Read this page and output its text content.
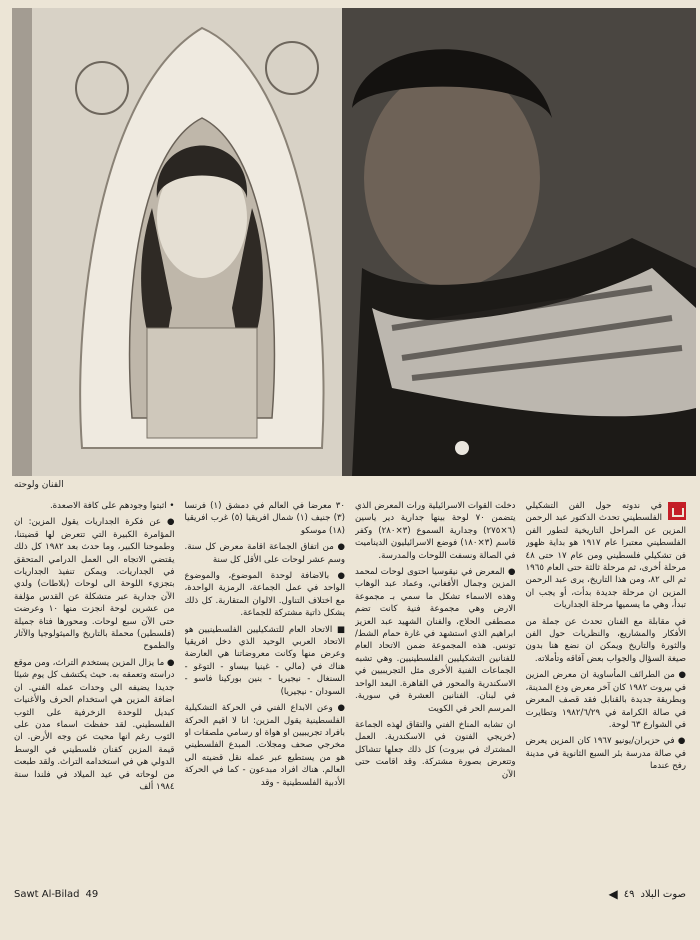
الفنان ولوحته

في ندوته حول الفن التشكيلي الفلسطيني تحدث الدكتور عبد الرحمن المزين عن المراحل التاريخية لتطور الفن الفلسطيني معتبرا عام ١٩١٧ هو بداية ظهور فن تشكيلي فلسطيني ومن عام ١٧ حتى ٤٨ مرحلة أخرى، ثم مرحلة ثالثة حتى العام ١٩٦٥ ثم الى ٨٢، ومن هذا التاريخ، يرى عبد الرحمن المزين ان مرحلة جديدة بدأت، أو يجب ان تبدأ، وهي ما يسميها مرحلة الجداريات

في مقابلة مع الفنان تحدث عن جملة من الأفكار والمشاريع، والنظريات حول الفن والثورة والتاريخ ويمكن ان نضع هنا بدون صيغة السؤال والجواب بعض آفاقه وتأملاته.

● من الطرائف المأساوية ان معرض المزين في بيروت ١٩٨٢ كان آخر معرض ودع المدينة، وبطريقة جديدة بالقنابل فقد قصف المعرض في صالة الكرامة في ١٩٨٢/٦/٢٩ وتطايرت في الشوارع ٦٣ لوحة.

● في حزيران/يونيو ١٩٦٧ كان المزين يعرض في صالة مدرسة بئر السبع الثانوية في مدينة رفح عندما

دخلت القوات الاسرائيلية ورات المعرض الذي يتضمن ٧٠ لوحة بينها جدارية دير ياسين (٦×٢٧٥) وجدارية السموع (٣×٢٨٠) وكفر قاسم (٣×١٨٠) فوضع الاسرائيليون الديناميت في الصالة ونسفت اللوحات والمدرسة.

● المعرض في نيقوسيا احتوى لوحات لمحمد المزين وجمال الأفغاني، وعماد عبد الوهاب وهذه الاسماء تشكل ما سمي بـ مجموعة الارض وهي مجموعة فنية كانت تضم مصطفى الحلاج، والفنان الشهيد عبد العزيز ابراهيم الذي استشهد في غارة حمام الشط/تونس. هذه المجموعة ضمن الاتحاد العام للفنانين التشكيليين الفلسطينيين. وهي تشبه الجماعات الفنية الأخرى مثل التجريبيين في الاسكندرية والمحور في القاهرة. البعد الواحد في لبنان. الفنانين العشرة في سورية. المرسم الحر في الكويت

ان تشابه المناخ الفني والتقاق لهذه الجماعة (خريجي الفنون في الاسكندرية. العمل المشترك في بيروت) كل ذلك جعلها تتشاكل وتتعرض بصورة مشتركة. وقد اقامت حتى الآن

٣٠ معرضا في العالم في دمشق (١) فرنسا (٣) جنيف (١) شمال افريقيا (٥) غرب افريقيا (١٨) موسكو

● من اتفاق الجماعة اقامة معرض كل سنة. وسم عشر لوحات على الأقل كل سنة

● بالاضافة لوحدة الموضوع، والموضوع الواحد في عمل الجماعة، الرمزية الواحدة، مع اختلاف التناول. الالوان المتقاربة. كل ذلك يشكل ذاتية مشتركة للجماعة.

■ الاتحاد العام للتشكيليين الفلسطينيين هو الاتحاد العربي الوحيد الذي دخل افريقيا وعرض منها وكانت معروضاتنا هي العارضة هناك في (مالي - غينيا بيساو - التوغو - السنغال - نيجيريا - بنين بوركينا فاسو - السودان - نيجيريا)

● وعن الابداع الفني في الحركة التشكيلية الفلسطينية يقول المزين: انا لا اقيم الحركة بافراد تجريبيين او هواة او رسامي ملصقات او مخرجي صحف ومجلات. المبدع الفلسطيني هو من يستطيع عبر عمله نقل قضيته الى العالم. هناك افراد مبدعون - كما في الحركة الأدبية الفلسطينية - وقد

• اثبتوا وجودهم على كافة الاصعدة.

● عن فكرة الجداريات يقول المزين: ان المؤامرة الكبيرة التي تتعرض لها قضيتنا، وطموحنا الكبير، وما حدث بعد ١٩٨٢ كل ذلك يقتضي الاتجاه الى العمل الدرامي المتحقق في الجداريات. ويمكن تنفيذ الجداريات بتجزيء اللوحة الى لوحات (بلاطات) ولدي الآن جدارية عبر متشكلة عن القدس مؤلفة من عشرين لوحة انجزت منها ١٠ وعرضت حتى الآن سبع لوحات. ومحورها فتاة جميلة (فلسطين) محملة بالتاريخ والميثولوجيا والآثار والطموح

● ما يزال المزين يستخدم التراث، ومن موقع دراسته وتعمقه به. حيث يكتشف كل يوم شيئا جديدا يضيفه الى وحدات عمله الفني. ان اضافة المزين هي استخدام الحرف والأغنيات كبديل للوحدة الزخرفية على الثوب الفلسطيني. لقد حفظت اسماء مدن على الثوب رغم انها محيت عن وجه الأرض. ان قيمة المزين كفنان فلسطيني في الوسط الدولي هي في استخدامه التراث. ولقد طبعت من لوحاته في عيد الميلاد في فلندا سنة ١٩٨٤ ألف

Sawt Al-Bilad 49	صوت البلاد
٤٩
◀
